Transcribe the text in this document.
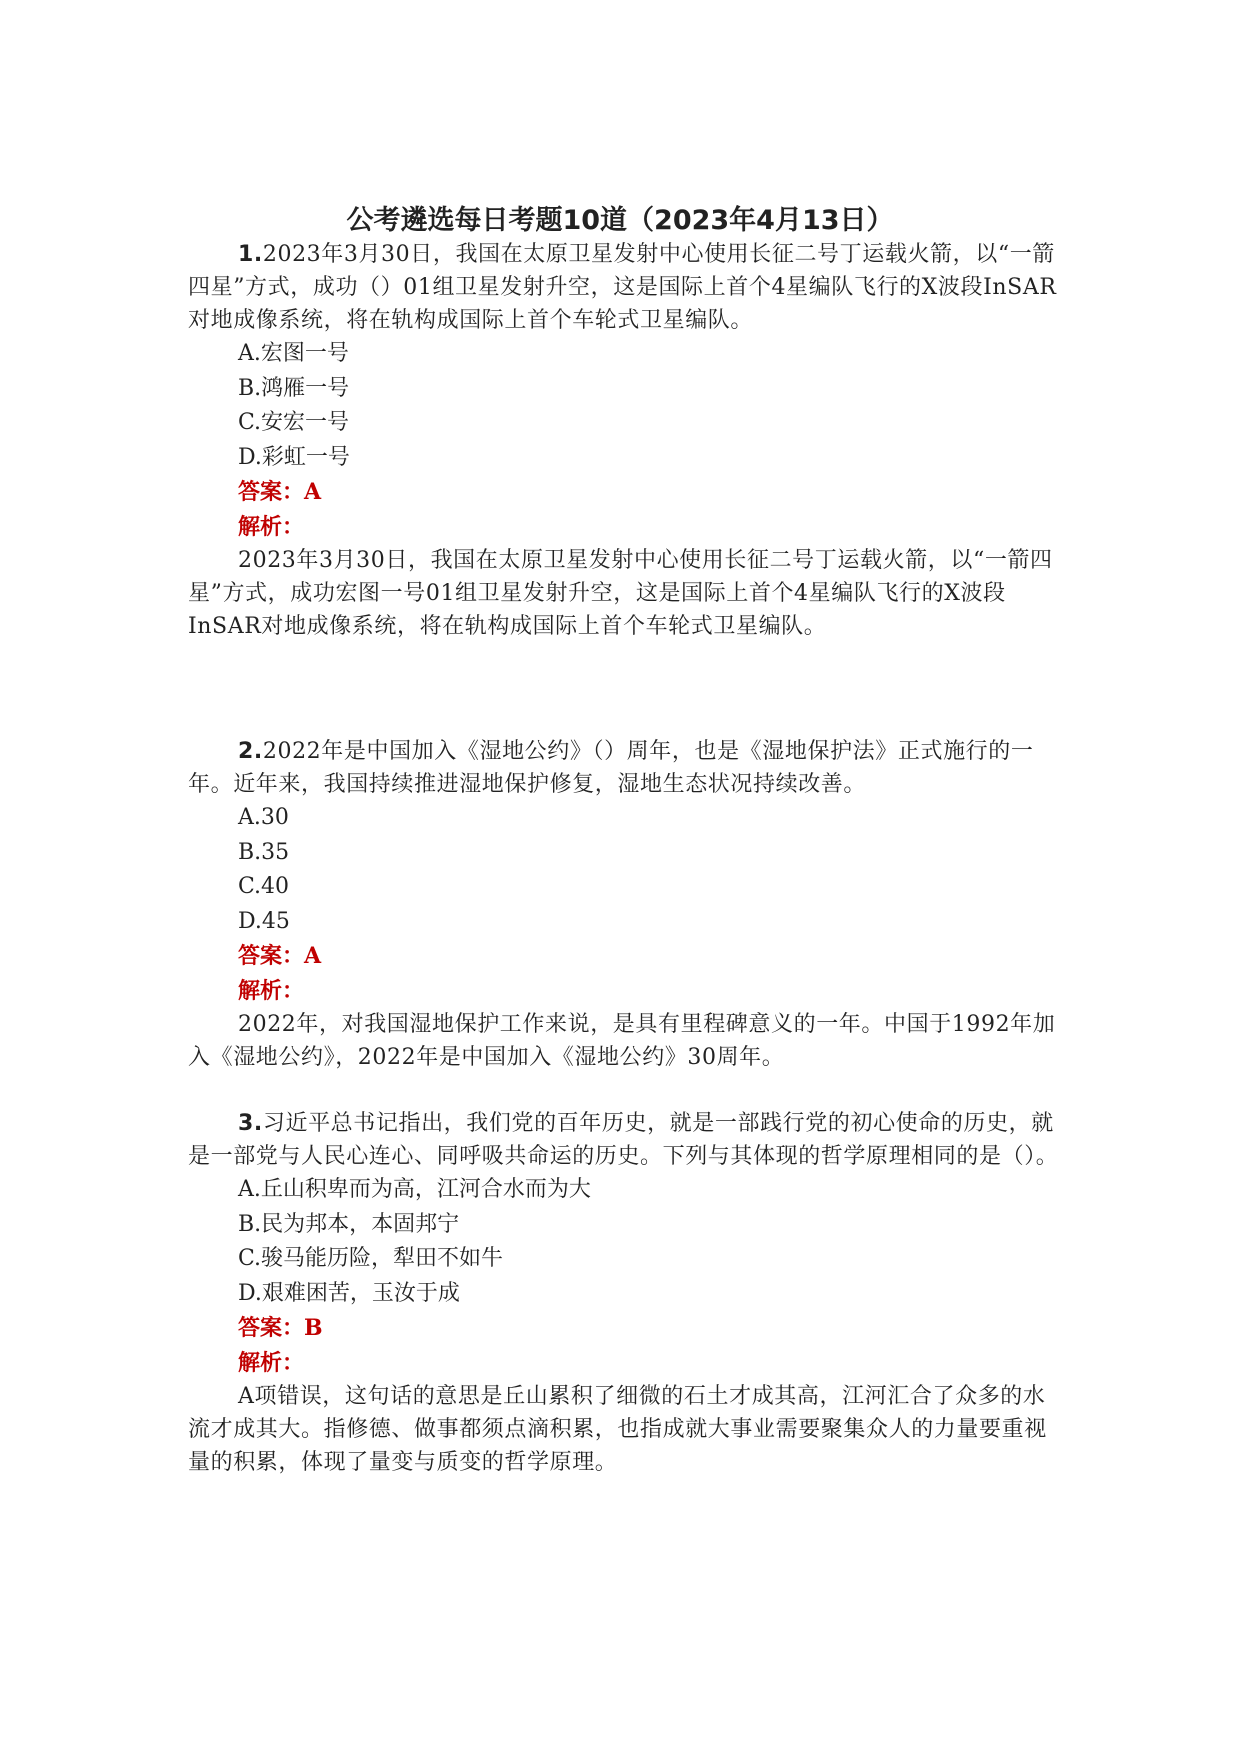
公考遴选每日考题10道（2023年4月13日）

1.2023年3月30日，我国在太原卫星发射中心使用长征二号丁运载火箭，以“一箭四星”方式，成功（）01组卫星发射升空，这是国际上首个4星编队飞行的X波段InSAR对地成像系统，将在轨构成国际上首个车轮式卫星编队。

A.宏图一号

B.鸿雁一号

C.安宏一号

D.彩虹一号

答案：A

解析：

2023年3月30日，我国在太原卫星发射中心使用长征二号丁运载火箭，以“一箭四星”方式，成功宏图一号01组卫星发射升空，这是国际上首个4星编队飞行的X波段InSAR对地成像系统，将在轨构成国际上首个车轮式卫星编队。

2.2022年是中国加入《湿地公约》（）周年，也是《湿地保护法》正式施行的一年。近年来，我国持续推进湿地保护修复，湿地生态状况持续改善。

A.30

B.35

C.40

D.45

答案：A

解析：

2022年，对我国湿地保护工作来说，是具有里程碑意义的一年。中国于1992年加入《湿地公约》，2022年是中国加入《湿地公约》30周年。

3.习近平总书记指出，我们党的百年历史，就是一部践行党的初心使命的历史，就是一部党与人民心连心、同呼吸共命运的历史。下列与其体现的哲学原理相同的是（）。

A.丘山积卑而为高，江河合水而为大

B.民为邦本，本固邦宁

C.骏马能历险，犁田不如牛

D.艰难困苦，玉汝于成

答案：B

解析：

A项错误，这句话的意思是丘山累积了细微的石土才成其高，江河汇合了众多的水流才成其大。指修德、做事都须点滴积累，也指成就大事业需要聚集众人的力量要重视量的积累，体现了量变与质变的哲学原理。
